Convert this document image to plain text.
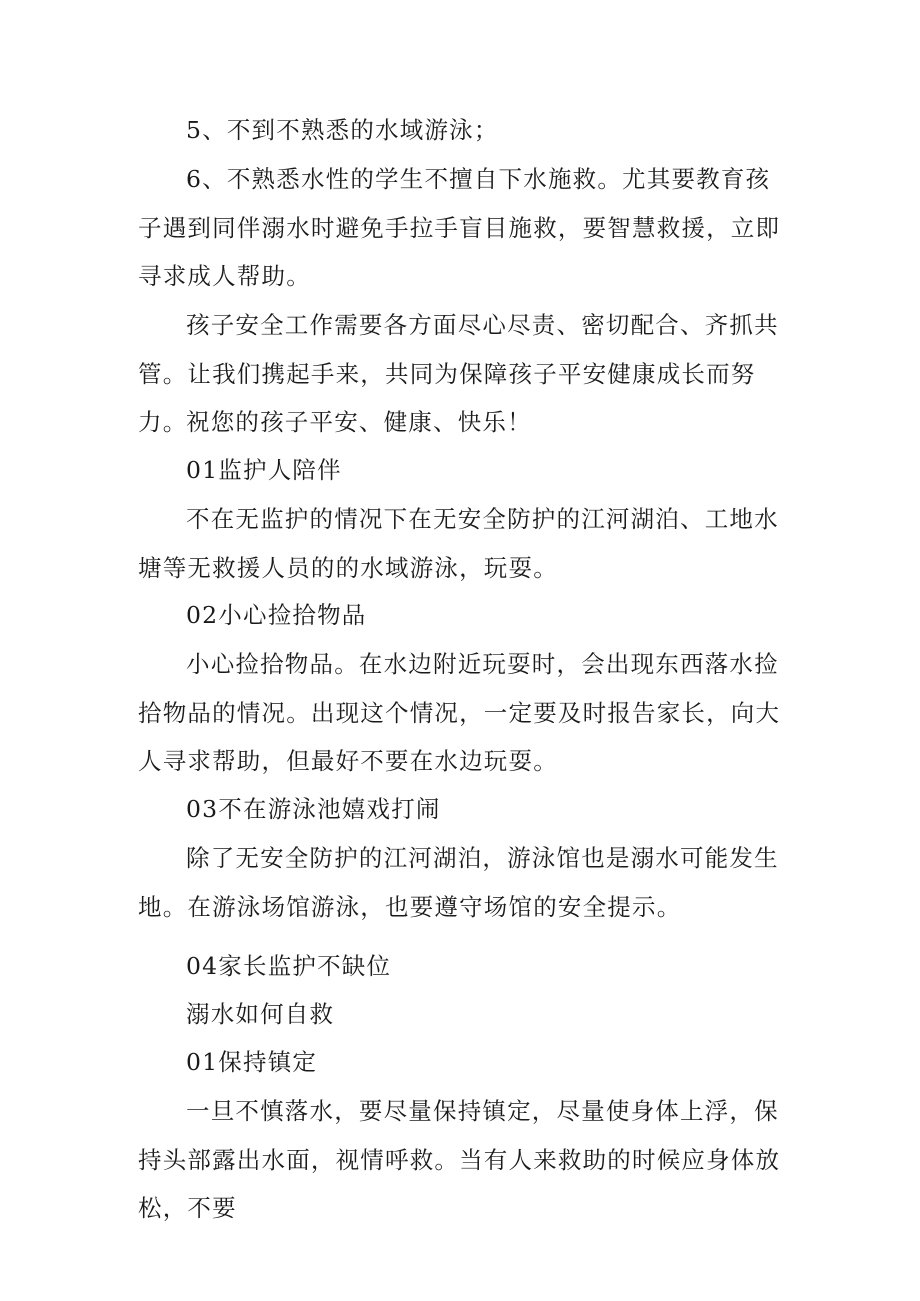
5、不到不熟悉的水域游泳；

6、不熟悉水性的学生不擅自下水施救。尤其要教育孩子遇到同伴溺水时避免手拉手盲目施救，要智慧救援，立即寻求成人帮助。

孩子安全工作需要各方面尽心尽责、密切配合、齐抓共管。让我们携起手来，共同为保障孩子平安健康成长而努力。

祝您的孩子平安、健康、快乐！

01监护人陪伴

不在无监护的情况下在无安全防护的江河湖泊、工地水塘等无救援人员的的水域游泳，玩耍。

02小心捡拾物品

小心捡拾物品。在水边附近玩耍时，会出现东西落水捡拾物品的情况。出现这个情况，一定要及时报告家长，向大人寻求帮助，但最好不要在水边玩耍。

03不在游泳池嬉戏打闹

除了无安全防护的江河湖泊，游泳馆也是溺水可能发生地。在游泳场馆游泳，也要遵守场馆的安全提示。

04家长监护不缺位

溺水如何自救

01保持镇定

一旦不慎落水，要尽量保持镇定，尽量使身体上浮，保持头部露出水面，视情呼救。当有人来救助的时候应身体放松，不要
